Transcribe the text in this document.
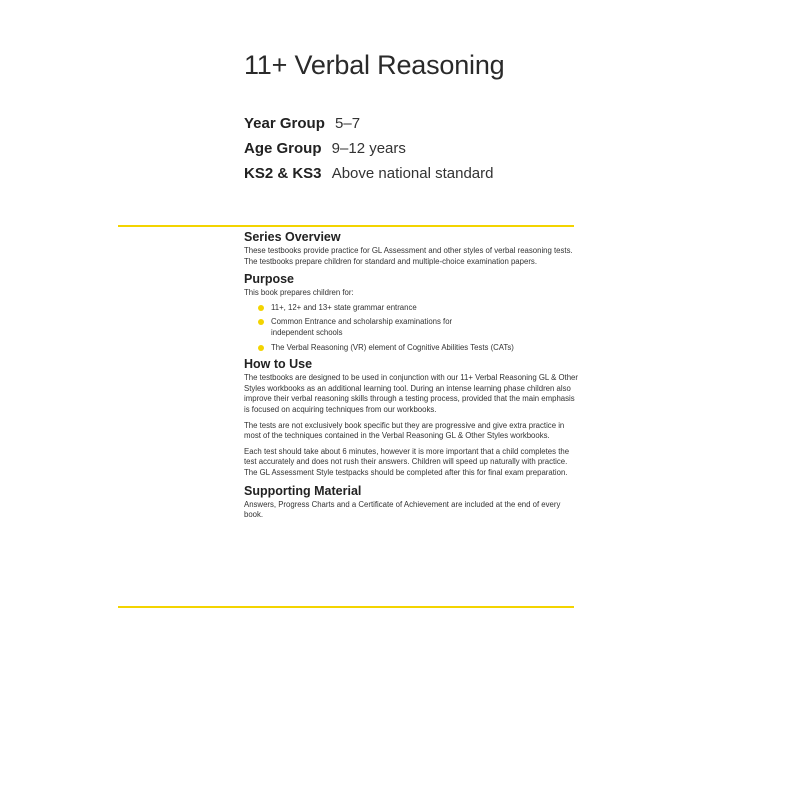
11+ Verbal Reasoning
Year Group 5–7
Age Group 9–12 years
KS2 & KS3 Above national standard
Series Overview

These testbooks provide practice for GL Assessment and other styles of verbal reasoning tests. The testbooks prepare children for standard and multiple-choice examination papers.

Purpose

This book prepares children for:

11+, 12+ and 13+ state grammar entrance
Common Entrance and scholarship examinations for independent schools
The Verbal Reasoning (VR) element of Cognitive Abilities Tests (CATs)
How to Use

The testbooks are designed to be used in conjunction with our 11+ Verbal Reasoning GL & Other Styles workbooks as an additional learning tool. During an intense learning phase children also improve their verbal reasoning skills through a testing process, provided that the main emphasis is focused on acquiring techniques from our workbooks.

The tests are not exclusively book specific but they are progressive and give extra practice in most of the techniques contained in the Verbal Reasoning GL & Other Styles workbooks.

Each test should take about 6 minutes, however it is more important that a child completes the test accurately and does not rush their answers. Children will speed up naturally with practice. The GL Assessment Style testpacks should be completed after this for final exam preparation.

Supporting Material

Answers, Progress Charts and a Certificate of Achievement are included at the end of every book.
